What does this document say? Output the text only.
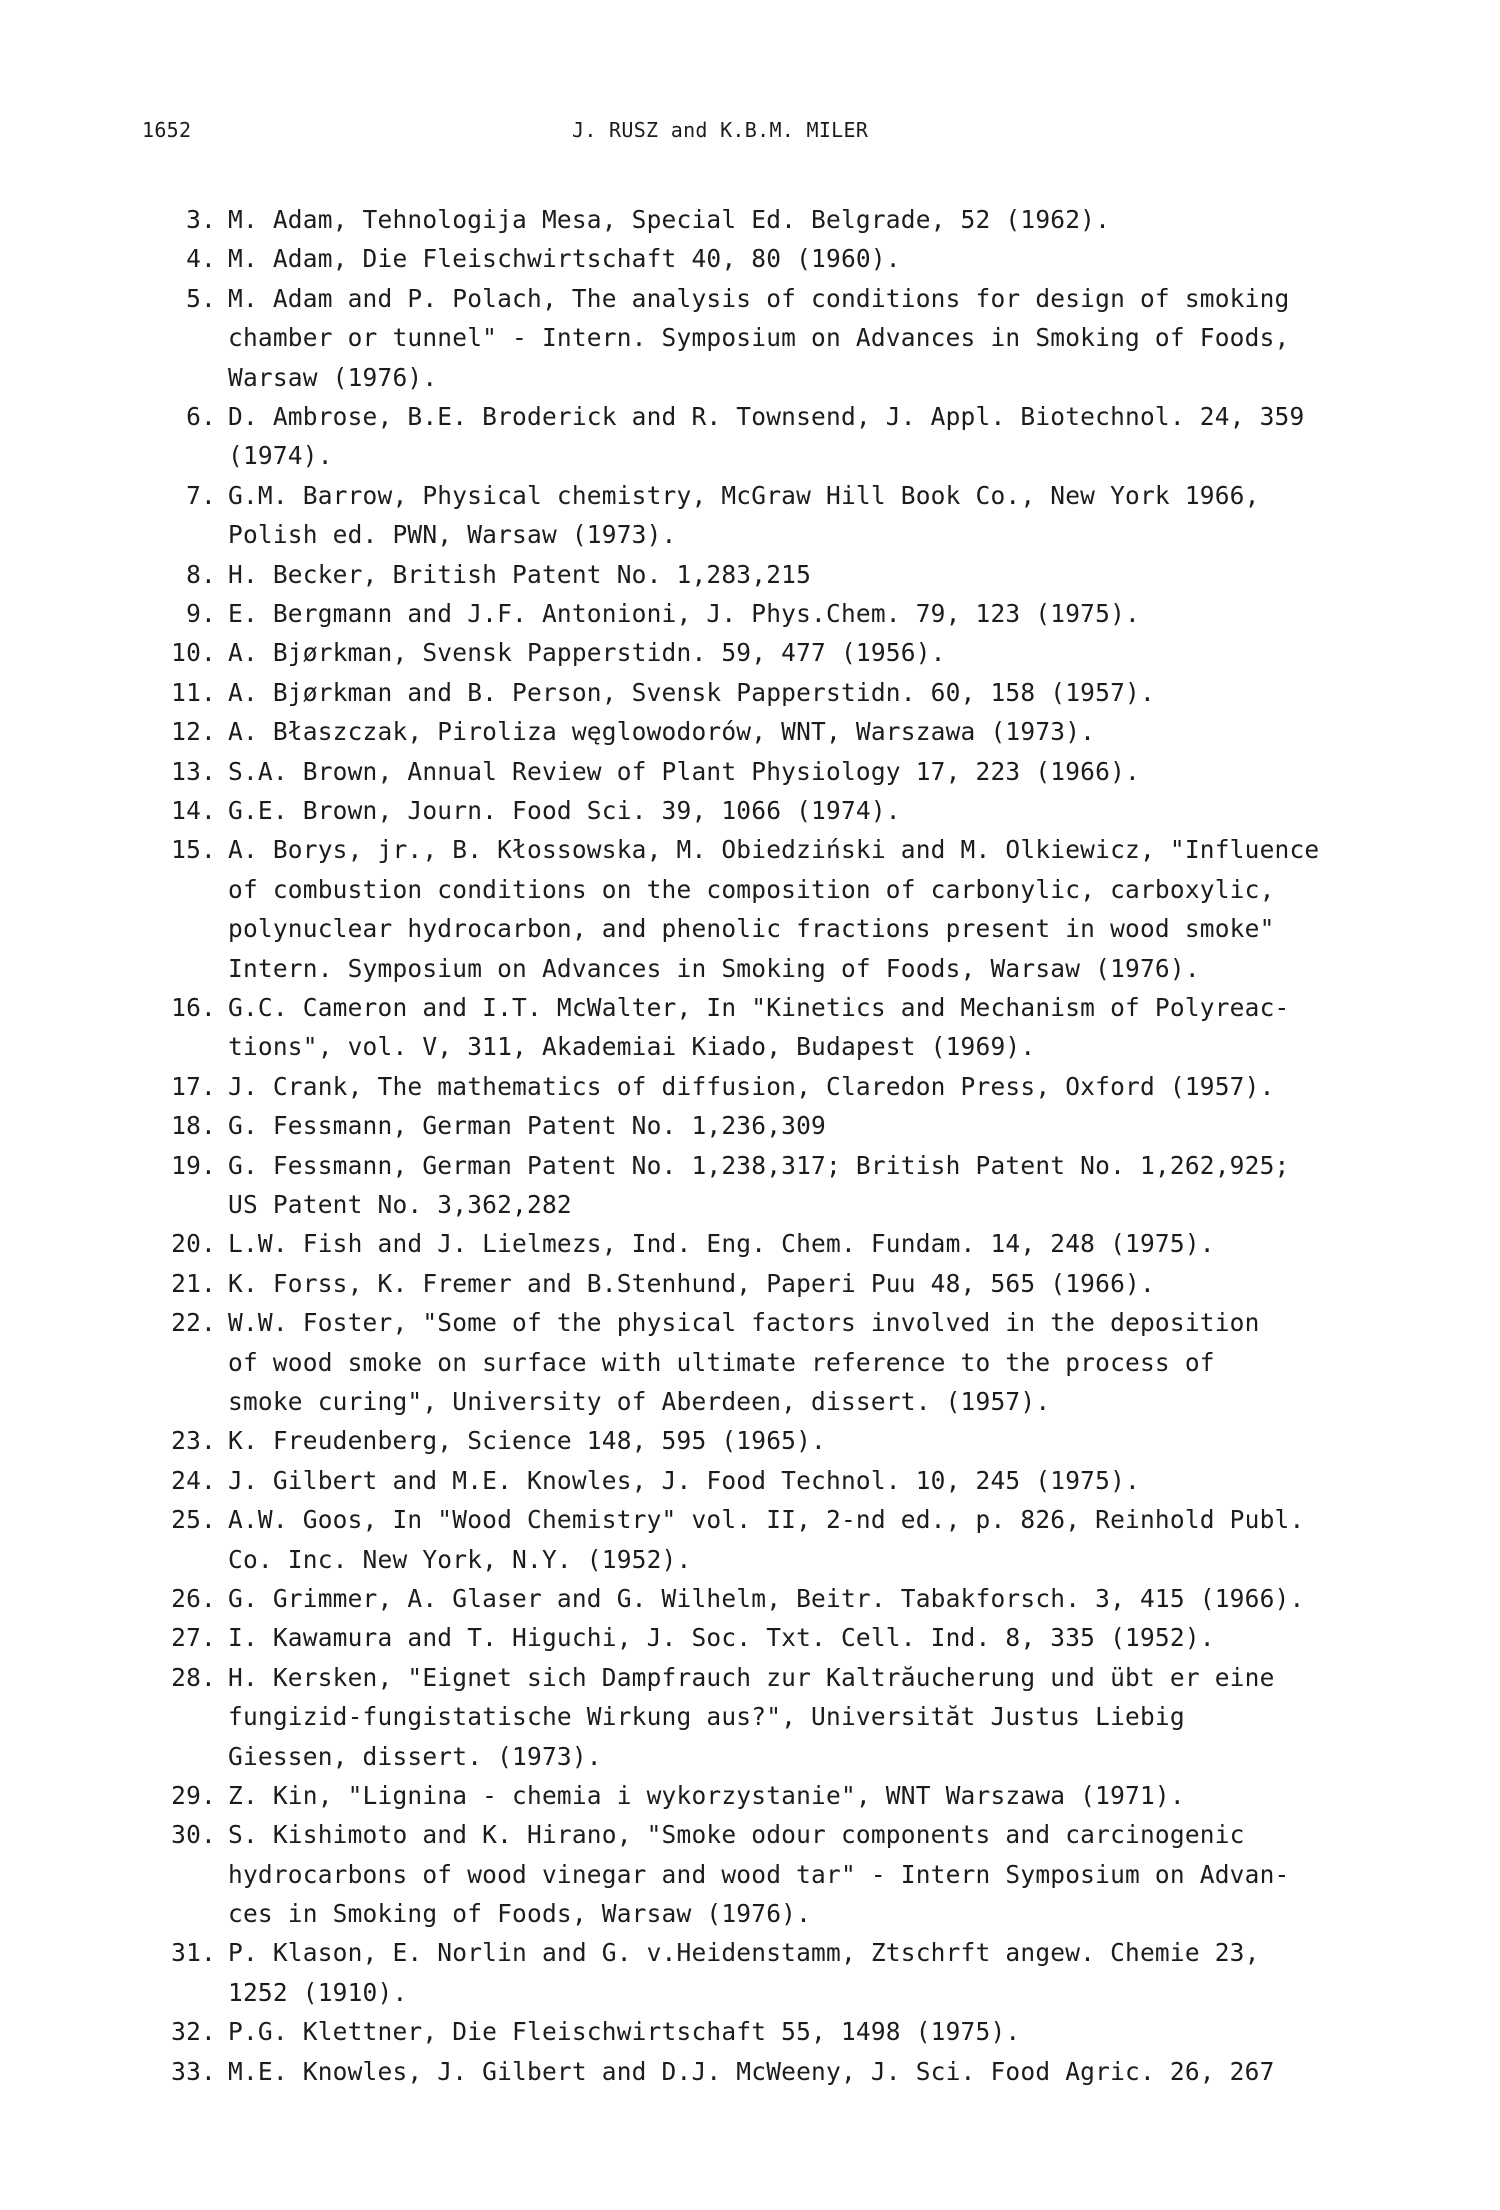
1652	J. RUSZ and K.B.M. MILER
3. M. Adam, Tehnologija Mesa, Special Ed. Belgrade, 52 (1962).
4. M. Adam, Die Fleischwirtschaft 40, 80 (1960).
5. M. Adam and P. Polach, The analysis of conditions for design of smoking
chamber or tunnel" - Intern. Symposium on Advances in Smoking of Foods,
Warsaw (1976).
6. D. Ambrose, B.E. Broderick and R. Townsend, J. Appl. Biotechnol. 24, 359
(1974).
7. G.M. Barrow, Physical chemistry, McGraw Hill Book Co., New York 1966,
Polish ed. PWN, Warsaw (1973).
8. H. Becker, British Patent No. 1,283,215
9. E. Bergmann and J.F. Antonioni, J. Phys.Chem. 79, 123 (1975).
10. A. Bjørkman, Svensk Papperstidn. 59, 477 (1956).
11. A. Bjørkman and B. Person, Svensk Papperstidn. 60, 158 (1957).
12. A. Błaszczak, Piroliza węglowodorów, WNT, Warszawa (1973).
13. S.A. Brown, Annual Review of Plant Physiology 17, 223 (1966).
14. G.E. Brown, Journ. Food Sci. 39, 1066 (1974).
15. A. Borys, jr., B. Kłossowska, M. Obiedziński and M. Olkiewicz, "Influence
of combustion conditions on the composition of carbonylic, carboxylic,
polynuclear hydrocarbon, and phenolic fractions present in wood smoke"
Intern. Symposium on Advances in Smoking of Foods, Warsaw (1976).
16. G.C. Cameron and I.T. McWalter, In "Kinetics and Mechanism of Polyreac-
tions", vol. V, 311, Akademiai Kiado, Budapest (1969).
17. J. Crank, The mathematics of diffusion, Claredon Press, Oxford (1957).
18. G. Fessmann, German Patent No. 1,236,309
19. G. Fessmann, German Patent No. 1,238,317; British Patent No. 1,262,925;
US Patent No. 3,362,282
20. L.W. Fish and J. Lielmezs, Ind. Eng. Chem. Fundam. 14, 248 (1975).
21. K. Forss, K. Fremer and B.Stenhund, Paperi Puu 48, 565 (1966).
22. W.W. Foster, "Some of the physical factors involved in the deposition
of wood smoke on surface with ultimate reference to the process of
smoke curing", University of Aberdeen, dissert. (1957).
23. K. Freudenberg, Science 148, 595 (1965).
24. J. Gilbert and M.E. Knowles, J. Food Technol. 10, 245 (1975).
25. A.W. Goos, In "Wood Chemistry" vol. II, 2-nd ed., p. 826, Reinhold Publ.
Co. Inc. New York, N.Y. (1952).
26. G. Grimmer, A. Glaser and G. Wilhelm, Beitr. Tabakforsch. 3, 415 (1966).
27. I. Kawamura and T. Higuchi, J. Soc. Txt. Cell. Ind. 8, 335 (1952).
28. H. Kersken, "Eignet sich Dampfrauch zur Kaltrăucherung und übt er eine
fungizid-fungistatische Wirkung aus?", Universităt Justus Liebig
Giessen, dissert. (1973).
29. Z. Kin, "Lignina - chemia i wykorzystanie", WNT Warszawa (1971).
30. S. Kishimoto and K. Hirano, "Smoke odour components and carcinogenic
hydrocarbons of wood vinegar and wood tar" - Intern Symposium on Advan-
ces in Smoking of Foods, Warsaw (1976).
31. P. Klason, E. Norlin and G. v.Heidenstamm, Ztschrft angew. Chemie 23,
1252 (1910).
32. P.G. Klettner, Die Fleischwirtschaft 55, 1498 (1975).
33. M.E. Knowles, J. Gilbert and D.J. McWeeny, J. Sci. Food Agric. 26, 267
